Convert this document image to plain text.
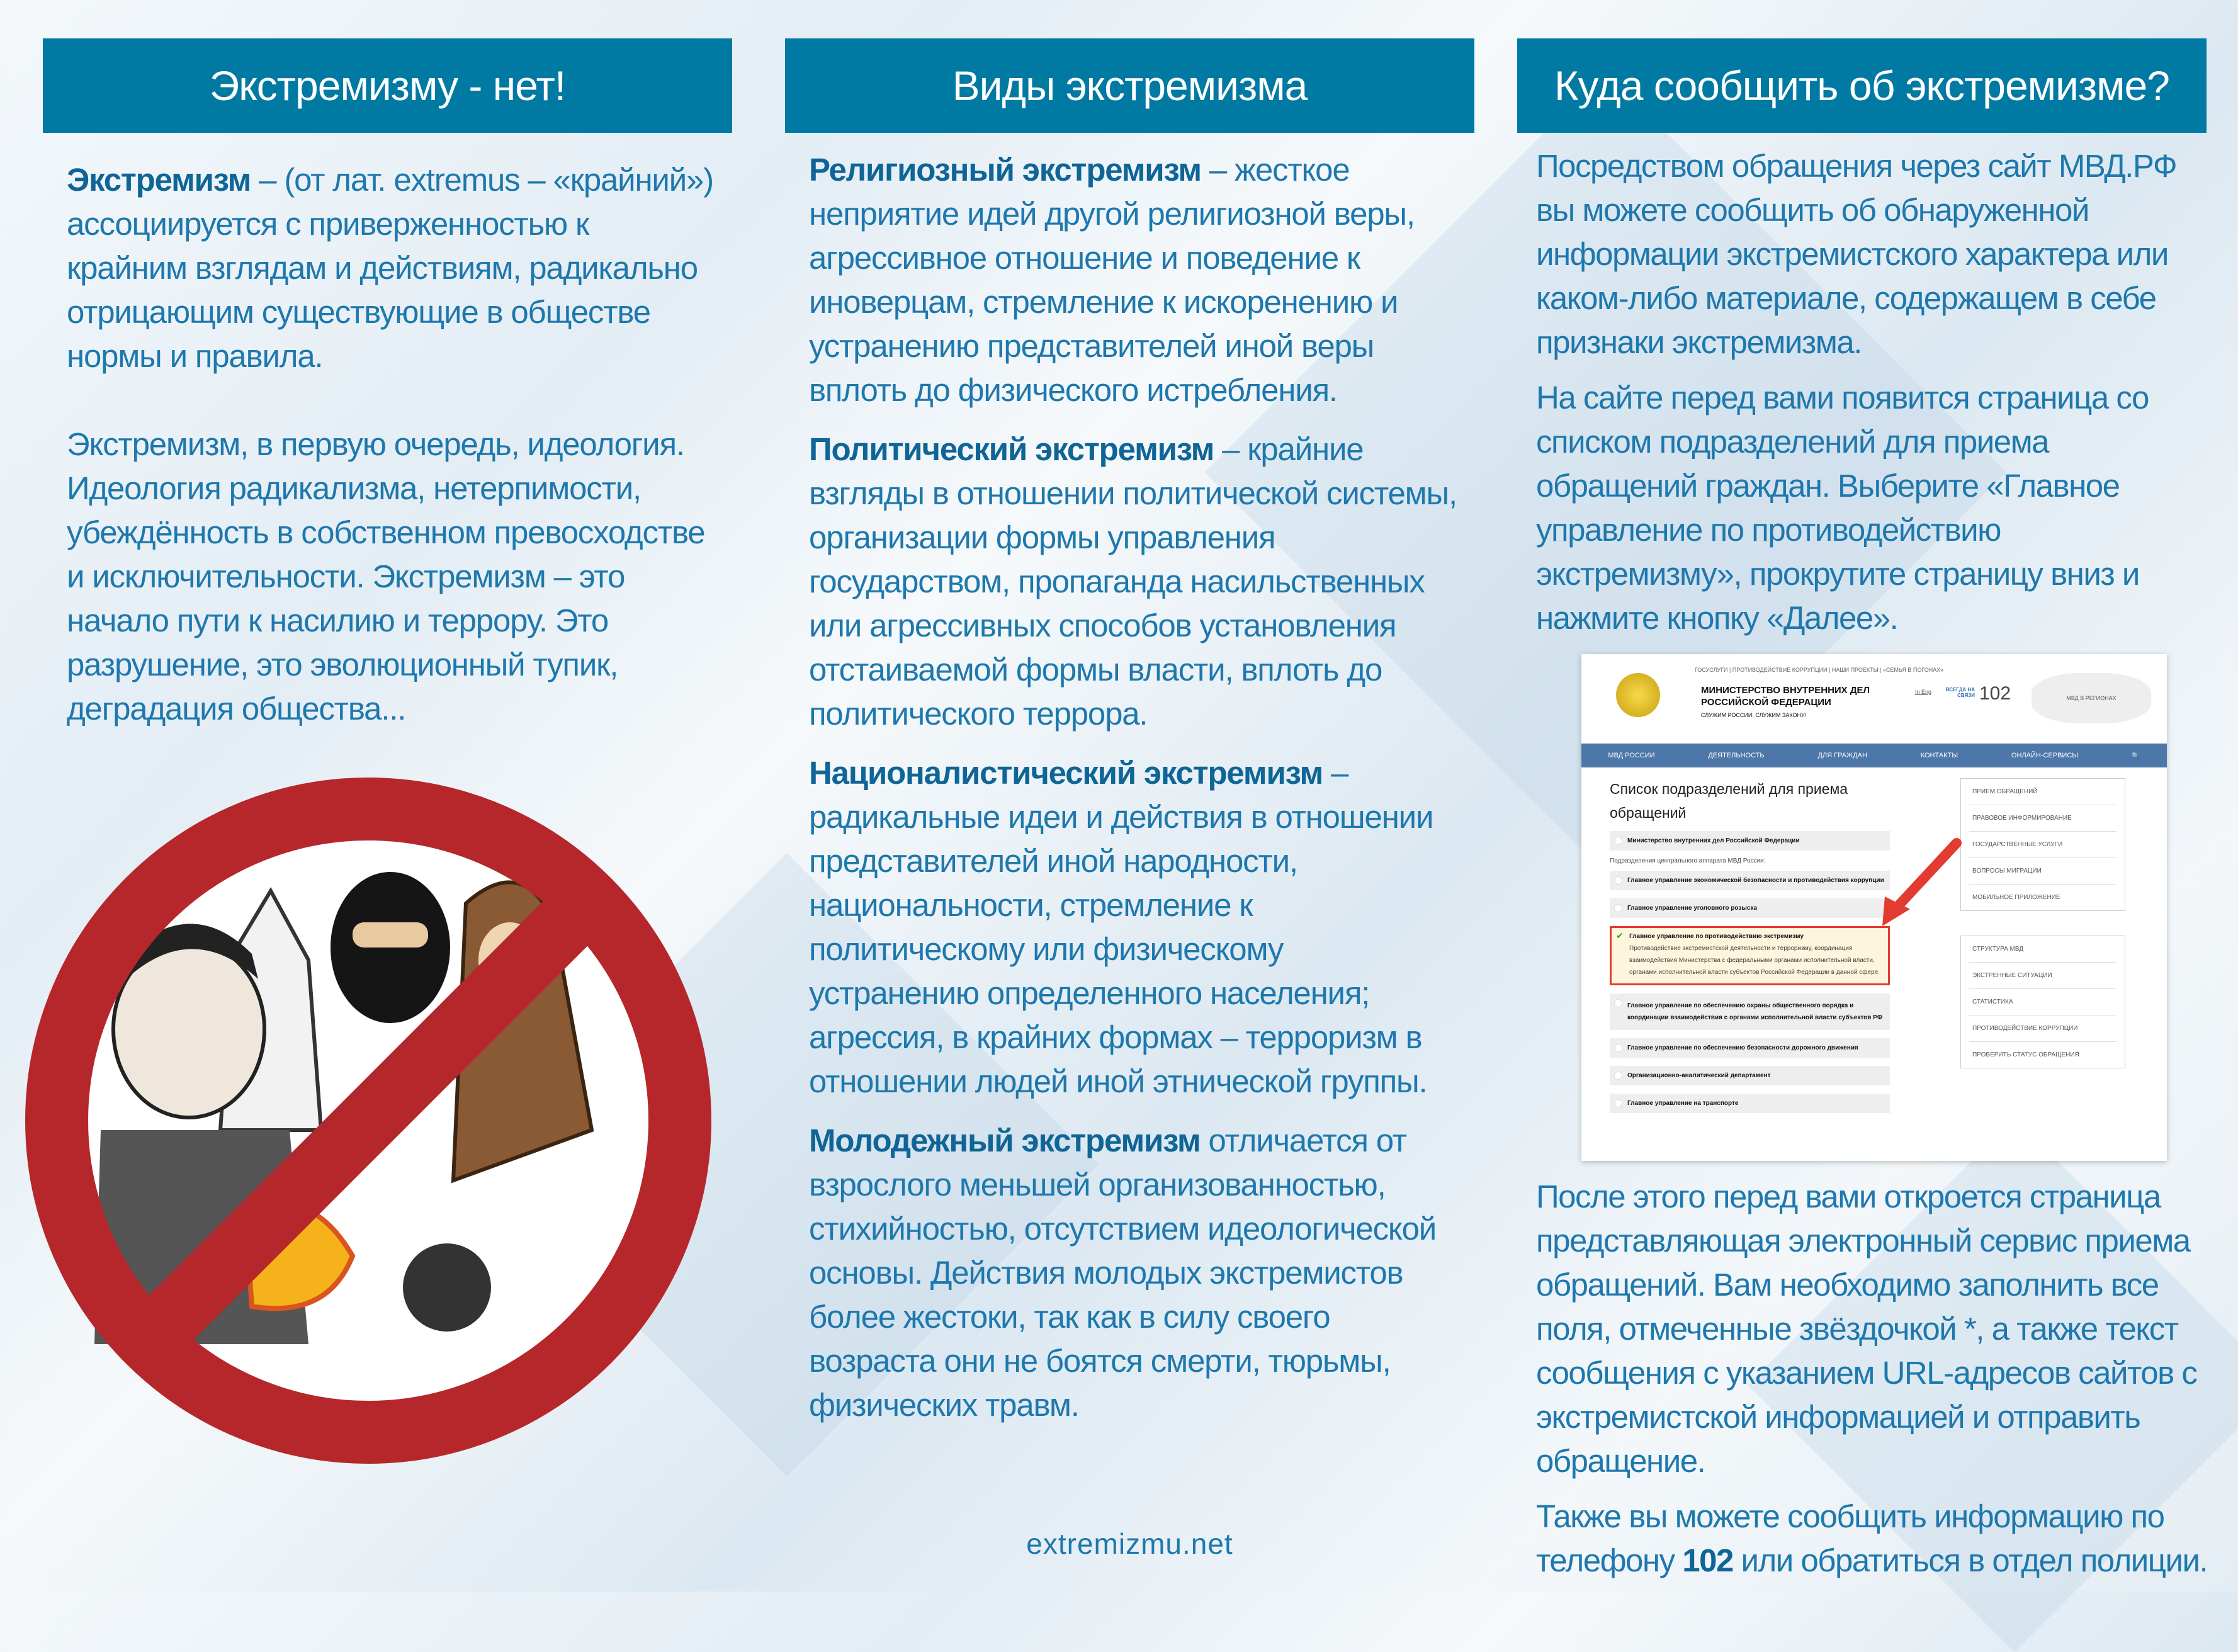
Экстремизму - нет!

Экстремизм – (от лат. extremus – «крайний») ассоциируется с приверженностью к крайним взглядам и действиям, радикально отрицающим существующие в обществе нормы и правила.

Экстремизм, в первую очередь, идеология. Идеология радикализма, нетерпимости, убеждённость в собственном превосходстве и исключительности. Экстремизм – это начало пути к насилию и террору. Это разрушение, это эволюционный тупик, деградация общества...

Виды экстремизма

Религиозный экстремизм – жесткое неприятие идей другой религиозной веры, агрессивное отношение и поведение к иноверцам, стремление к искоренению и устранению представителей иной веры вплоть до физического истребления.

Политический экстремизм – крайние взгляды в отношении политической системы, организации формы управления государством, пропаганда насильственных или агрессивных способов установления отстаиваемой формы власти, вплоть до политического террора.

Националистический экстремизм – радикальные идеи и действия в отношении представителей иной народности, национальности, стремление к политическому или физическому устранению определенного населения; агрессия, в крайних формах – терроризм в отношении людей иной этнической группы.

Молодежный экстремизм отличается от взрослого меньшей организованностью, стихийностью, отсутствием идеологической основы. Действия молодых экстремистов более жестоки, так как в силу своего возраста они не боятся смерти, тюрьмы, физических травм.

extremizmu.net
Куда сообщить об экстремизме?

Посредством обращения через сайт МВД.РФ вы можете сообщить об обнаруженной информации экстремистского характера или каком-либо материале, содержащем в себе признаки экстремизма.

На сайте перед вами появится страница со списком подразделений для приема обращений граждан. Выберите «Главное управление по противодействию экстремизму», прокрутите страницу вниз и нажмите кнопку «Далее».

ГОСУСЛУГИ | ПРОТИВОДЕЙСТВИЕ КОРРУПЦИИ | НАШИ ПРОЕКТЫ | «СЕМЬЯ В ПОГОНАХ»
МИНИСТЕРСТВО ВНУТРЕННИХ ДЕЛ РОССИЙСКОЙ ФЕДЕРАЦИИ
СЛУЖИМ РОССИИ, СЛУЖИМ ЗАКОНУ!
In Eng	ВСЕГДА НА СВЯЗИ 102	МВД В РЕГИОНАХ
МВД РОССИИ	ДЕЯТЕЛЬНОСТЬ	ДЛЯ ГРАЖДАН	КОНТАКТЫ	ОНЛАЙН-СЕРВИСЫ	🔍
Список подразделений для приема обращений
Министерство внутренних дел Российской Федерации
Подразделения центрального аппарата МВД России:
Главное управление экономической безопасности и противодействия коррупции
Главное управление уголовного розыска
✔ Главное управление по противодействию экстремизму
Противодействие экстремистской деятельности и терроризму, координация взаимодействия Министерства с федеральными органами исполнительной власти, органами исполнительной власти субъектов Российской Федерации в данной сфере.
Главное управление по обеспечению охраны общественного порядка и координации взаимодействия с органами исполнительной власти субъектов РФ
Главное управление по обеспечению безопасности дорожного движения
Организационно-аналитический департамент
Главное управление на транспорте
ПРИЕМ ОБРАЩЕНИЙ
ПРАВОВОЕ ИНФОРМИРОВАНИЕ
ГОСУДАРСТВЕННЫЕ УСЛУГИ
ВОПРОСЫ МИГРАЦИИ
МОБИЛЬНОЕ ПРИЛОЖЕНИЕ
СТРУКТУРА МВД
ЭКСТРЕННЫЕ СИТУАЦИИ
СТАТИСТИКА
ПРОТИВОДЕЙСТВИЕ КОРРУПЦИИ
ПРОВЕРИТЬ СТАТУС ОБРАЩЕНИЯ

После этого перед вами откроется страница представляющая электронный сервис приема обращений. Вам необходимо заполнить все поля, отмеченные звёздочкой *, а также текст сообщения с указанием URL-адресов сайтов с экстремистской информацией и отправить обращение.

Также вы можете сообщить информацию по телефону 102 или обратиться в отдел полиции.
